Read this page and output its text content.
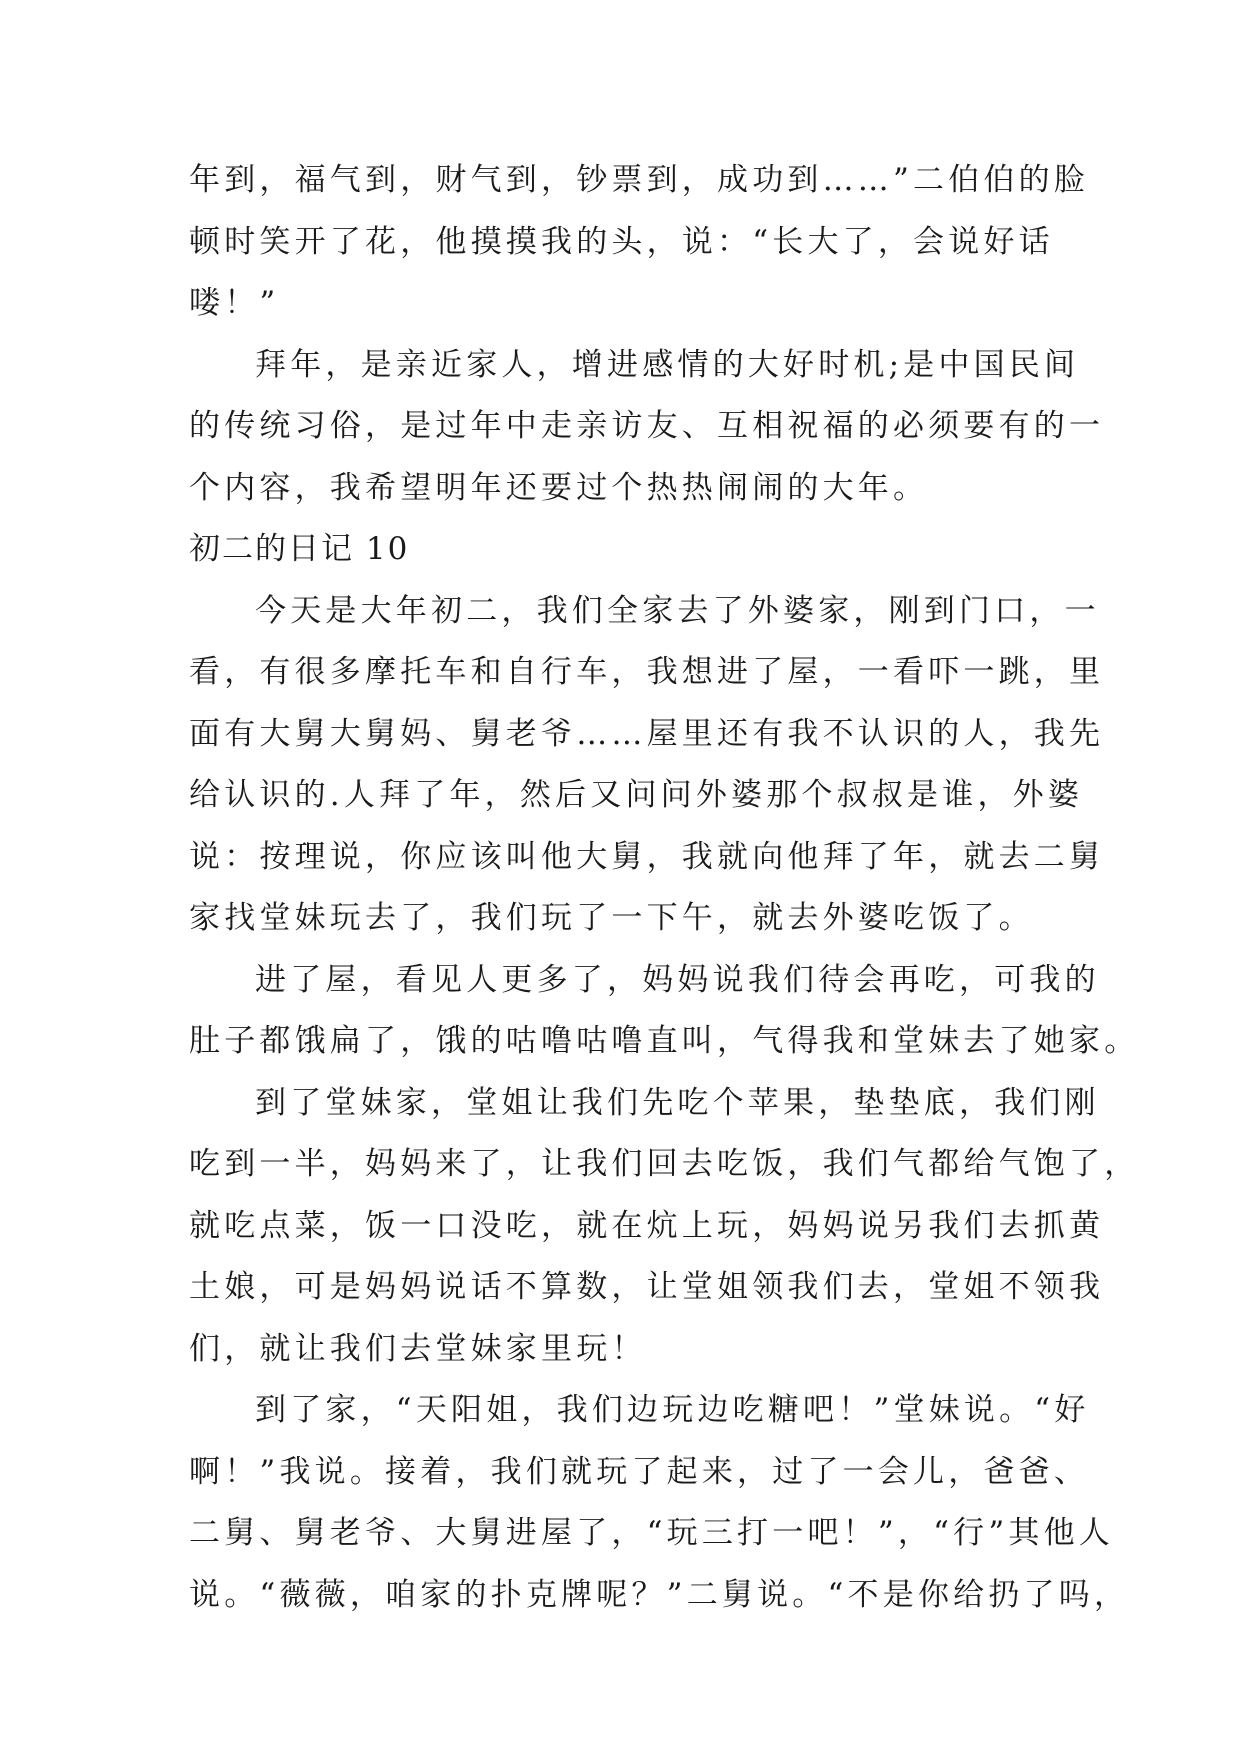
年到，福气到，财气到，钞票到，成功到……”二伯伯的脸
顿时笑开了花，他摸摸我的头，说：“长大了，会说好话
喽！”
拜年，是亲近家人，增进感情的大好时机;是中国民间
的传统习俗，是过年中走亲访友、互相祝福的必须要有的一
个内容，我希望明年还要过个热热闹闹的大年。
初二的日记 10
今天是大年初二，我们全家去了外婆家，刚到门口，一
看，有很多摩托车和自行车，我想进了屋，一看吓一跳，里
面有大舅大舅妈、舅老爷……屋里还有我不认识的人，我先
给认识的.人拜了年，然后又问问外婆那个叔叔是谁，外婆
说：按理说，你应该叫他大舅，我就向他拜了年，就去二舅
家找堂妹玩去了，我们玩了一下午，就去外婆吃饭了。
进了屋，看见人更多了，妈妈说我们待会再吃，可我的
肚子都饿扁了，饿的咕噜咕噜直叫，气得我和堂妹去了她家。
到了堂妹家，堂姐让我们先吃个苹果，垫垫底，我们刚
吃到一半，妈妈来了，让我们回去吃饭，我们气都给气饱了，
就吃点菜，饭一口没吃，就在炕上玩，妈妈说另我们去抓黄
土娘，可是妈妈说话不算数，让堂姐领我们去，堂姐不领我
们，就让我们去堂妹家里玩！
到了家，“天阳姐，我们边玩边吃糖吧！”堂妹说。“好
啊！”我说。接着，我们就玩了起来，过了一会儿，爸爸、
二舅、舅老爷、大舅进屋了，“玩三打一吧！”，“行”其他人
说。“薇薇，咱家的扑克牌呢？”二舅说。“不是你给扔了吗，
